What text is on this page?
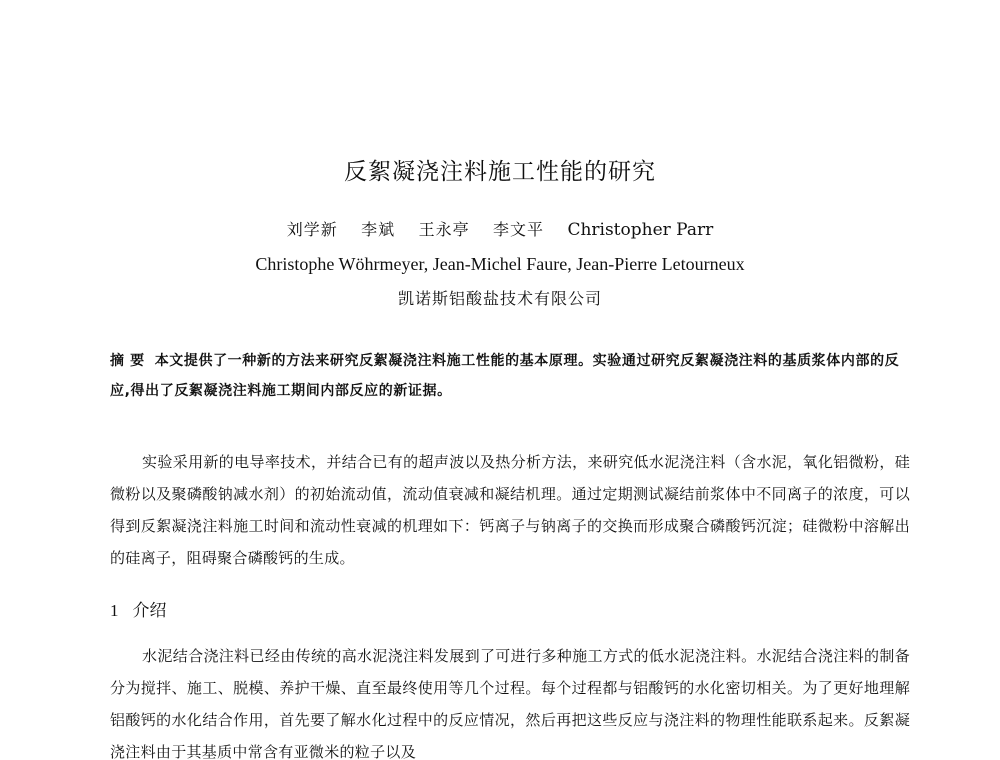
反絮凝浇注料施工性能的研究
刘学新 李斌 王永亭 李文平 Christopher Parr
Christophe Wöhrmeyer, Jean-Michel Faure, Jean-Pierre Letourneux
凯诺斯铝酸盐技术有限公司
摘 要 本文提供了一种新的方法来研究反絮凝浇注料施工性能的基本原理。实验通过研究反絮凝浇注料的基质浆体内部的反应,得出了反絮凝浇注料施工期间内部反应的新证据。
实验采用新的电导率技术，并结合已有的超声波以及热分析方法，来研究低水泥浇注料（含水泥，氧化铝微粉，硅微粉以及聚磷酸钠减水剂）的初始流动值，流动值衰减和凝结机理。通过定期测试凝结前浆体中不同离子的浓度，可以得到反絮凝浇注料施工时间和流动性衰减的机理如下：钙离子与钠离子的交换而形成聚合磷酸钙沉淀；硅微粉中溶解出的硅离子，阻碍聚合磷酸钙的生成。
1 介绍
水泥结合浇注料已经由传统的高水泥浇注料发展到了可进行多种施工方式的低水泥浇注料。水泥结合浇注料的制备分为搅拌、施工、脱模、养护干燥、直至最终使用等几个过程。每个过程都与铝酸钙的水化密切相关。为了更好地理解铝酸钙的水化结合作用，首先要了解水化过程中的反应情况，然后再把这些反应与浇注料的物理性能联系起来。反絮凝浇注料由于其基质中常含有亚微米的粒子以及
